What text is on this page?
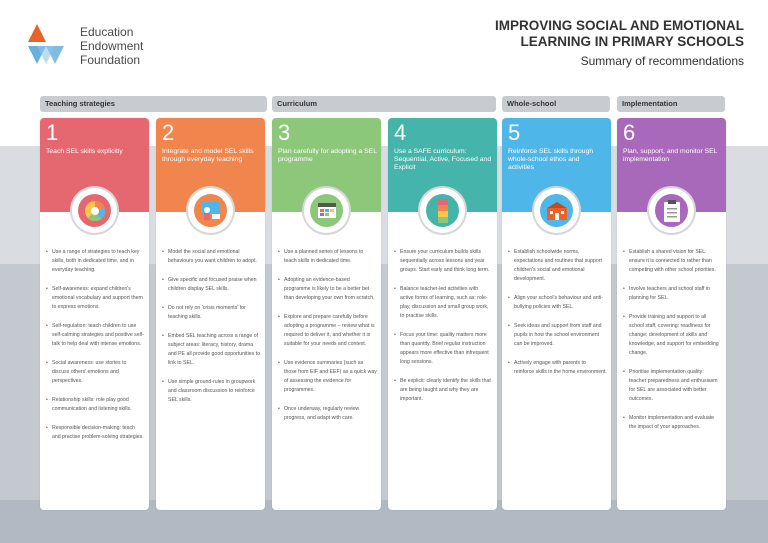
Education
Endowment
Foundation
IMPROVING SOCIAL AND EMOTIONAL
LEARNING IN PRIMARY SCHOOLS
Summary of recommendations
Teaching strategies	Curriculum	Whole-school	Implementation
1
Teach SEL skills explicitly
• Use a range of strategies to teach key skills, both in dedicated time, and in everyday teaching.
• Self-awareness: expand children's emotional vocabulary and support them to express emotions.
• Self-regulation: teach children to use self-calming strategies and positive self-talk to help deal with intense emotions.
• Social awareness: use stories to discuss others' emotions and perspectives.
• Relationship skills: role play good communication and listening skills.
• Responsible decision-making: teach and practise problem-solving strategies.
2
Integrate and model SEL skills through everyday teaching
• Model the social and emotional behaviours you want children to adopt.
• Give specific and focused praise when children display SEL skills.
• Do not rely on 'crisis moments' for teaching skills.
• Embed SEL teaching across a range of subject areas: literacy, history, drama and PE all provide good opportunities to link to SEL.
• Use simple ground-rules in groupwork and classroom discussion to reinforce SEL skills.
3
Plan carefully for adopting a SEL programme
• Use a planned series of lessons to teach skills in dedicated time.
• Adopting an evidence-based programme is likely to be a better bet than developing your own from scratch.
• Explore and prepare carefully before adopting a programme – review what is required to deliver it, and whether it is suitable for your needs and context.
• Use evidence summaries (such as those from EIF and EEF) as a quick way of assessing the evidence for programmes.
• Once underway, regularly review progress, and adapt with care.
4
Use a SAFE curriculum: Sequential, Active, Focused and Explicit
• Ensure your curriculum builds skills sequentially across lessons and year groups. Start early and think long term.
• Balance teacher-led activities with active forms of learning, such as: role-play, discussion and small group work, to practise skills.
• Focus your time: quality matters more than quantity. Brief regular instruction appears more effective than infrequent long sessions.
• Be explicit: clearly identify the skills that are being taught and why they are important.
5
Reinforce SEL skills through whole-school ethos and activities
• Establish schoolwide norms, expectations and routines that support children's social and emotional development.
• Align your school's behaviour and anti-bullying policies with SEL.
• Seek ideas and support from staff and pupils in how the school environment can be improved.
• Actively engage with parents to reinforce skills in the home environment.
6
Plan, support, and monitor SEL implementation
• Establish a shared vision for SEL: ensure it is connected to rather than competing with other school priorities.
• Involve teachers and school staff in planning for SEL.
• Provide training and support to all school staff, covering: readiness for change; development of skills and knowledge; and support for embedding change.
• Prioritise implementation quality: teacher preparedness and enthusiasm for SEL are associated with better outcomes.
• Monitor implementation and evaluate the impact of your approaches.
